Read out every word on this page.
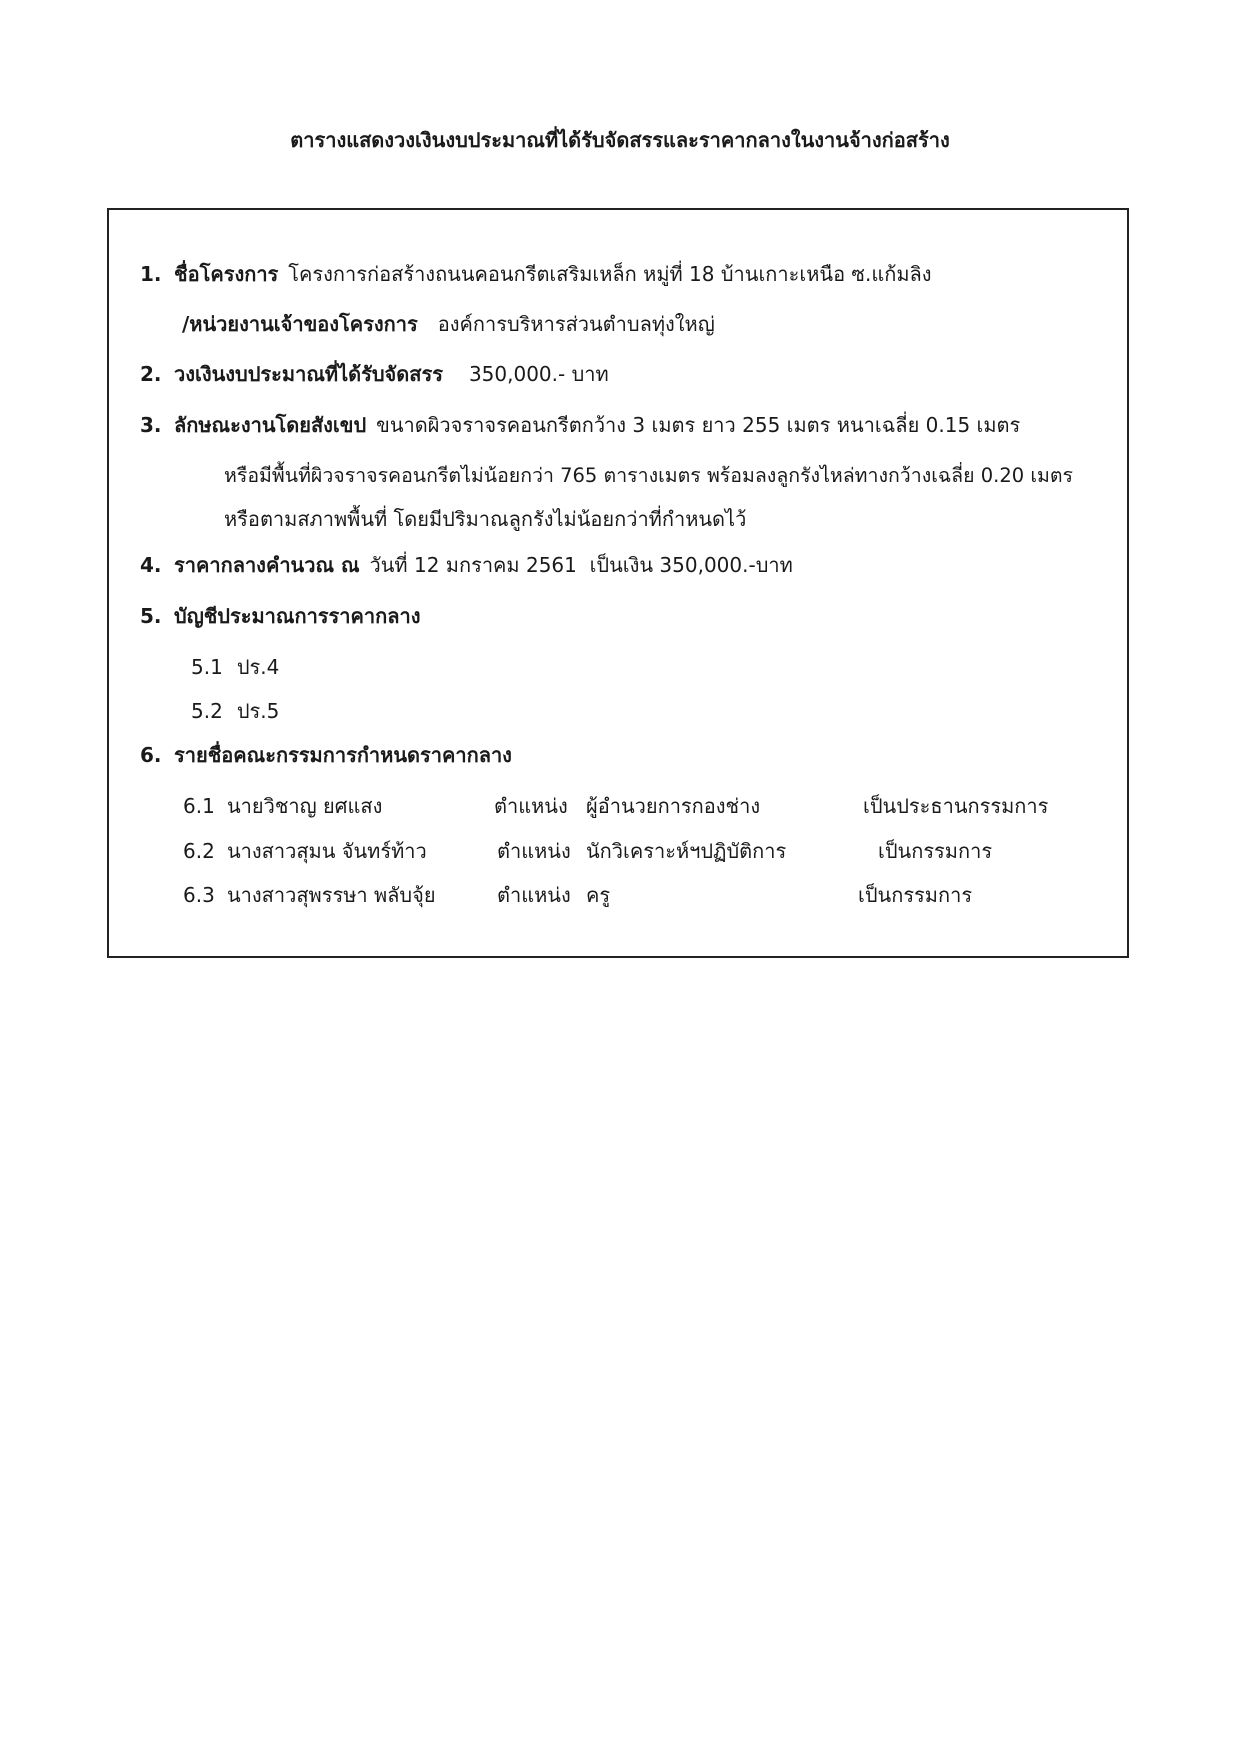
ตารางแสดงวงเงินงบประมาณที่ได้รับจัดสรรและราคากลางในงานจ้างก่อสร้าง
1. ชื่อโครงการ โครงการก่อสร้างถนนคอนกรีตเสริมเหล็ก หมู่ที่ 18 บ้านเกาะเหนือ ซ.แก้มลิง
/หน่วยงานเจ้าของโครงการ องค์การบริหารส่วนตำบลทุ่งใหญ่
2. วงเงินงบประมาณที่ได้รับจัดสรร 350,000.- บาท
3. ลักษณะงานโดยสังเขป ขนาดผิวจราจรคอนกรีตกว้าง 3 เมตร ยาว 255 เมตร หนาเฉลี่ย 0.15 เมตร
หรือมีพื้นที่ผิวจราจรคอนกรีตไม่น้อยกว่า 765 ตารางเมตร พร้อมลงลูกรังไหล่ทางกว้างเฉลี่ย 0.20 เมตร
หรือตามสภาพพื้นที่ โดยมีปริมาณลูกรังไม่น้อยกว่าที่กำหนดไว้
4. ราคากลางคำนวณ ณ วันที่ 12 มกราคม 2561  เป็นเงิน 350,000.-บาท
5. บัญชีประมาณการราคากลาง
5.1 ปร.4
5.2 ปร.5
6. รายชื่อคณะกรรมการกำหนดราคากลาง
6.1 นายวิชาญ ยศแสง	ตำแหน่ง ผู้อำนวยการกองช่าง	เป็นประธานกรรมการ
6.2 นางสาวสุมน จันทร์ท้าว	ตำแหน่ง นักวิเคราะห์ฯปฏิบัติการ	เป็นกรรมการ
6.3 นางสาวสุพรรษา พลับจุ้ย	ตำแหน่ง ครู	เป็นกรรมการ
